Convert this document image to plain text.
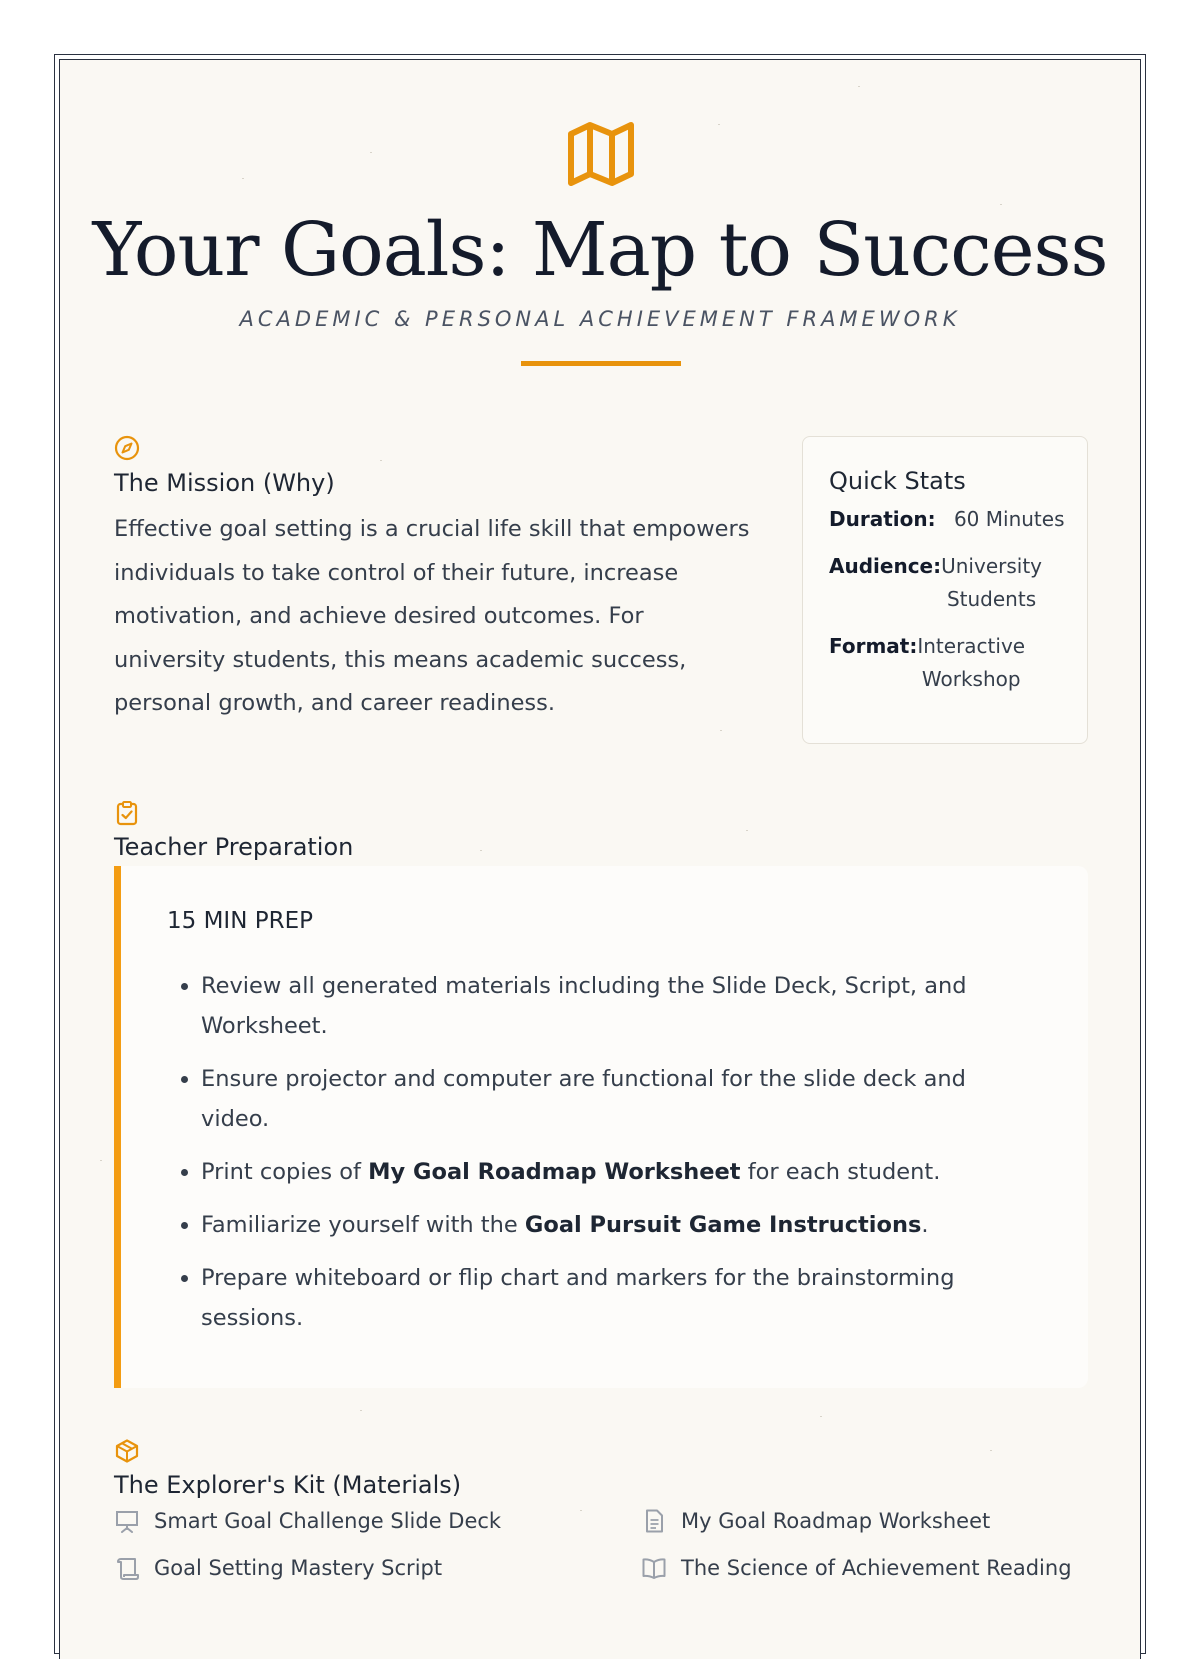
Your Goals: Map to Success
ACADEMIC & PERSONAL ACHIEVEMENT FRAMEWORK
The Mission (Why)
Effective goal setting is a crucial life skill that empowers individuals to take control of their future, increase motivation, and achieve desired outcomes. For university students, this means academic success, personal growth, and career readiness.
Quick Stats
Duration: 60 Minutes
Audience:University
Students
Format:Interactive
Workshop
Teacher Preparation
15 MIN PREP
• Review all generated materials including the Slide Deck, Script, and Worksheet.
• Ensure projector and computer are functional for the slide deck and video.
• Print copies of My Goal Roadmap Worksheet for each student.
• Familiarize yourself with the Goal Pursuit Game Instructions.
• Prepare whiteboard or flip chart and markers for the brainstorming sessions.
The Explorer's Kit (Materials)
Smart Goal Challenge Slide Deck	My Goal Roadmap Worksheet
Goal Setting Mastery Script	The Science of Achievement Reading
